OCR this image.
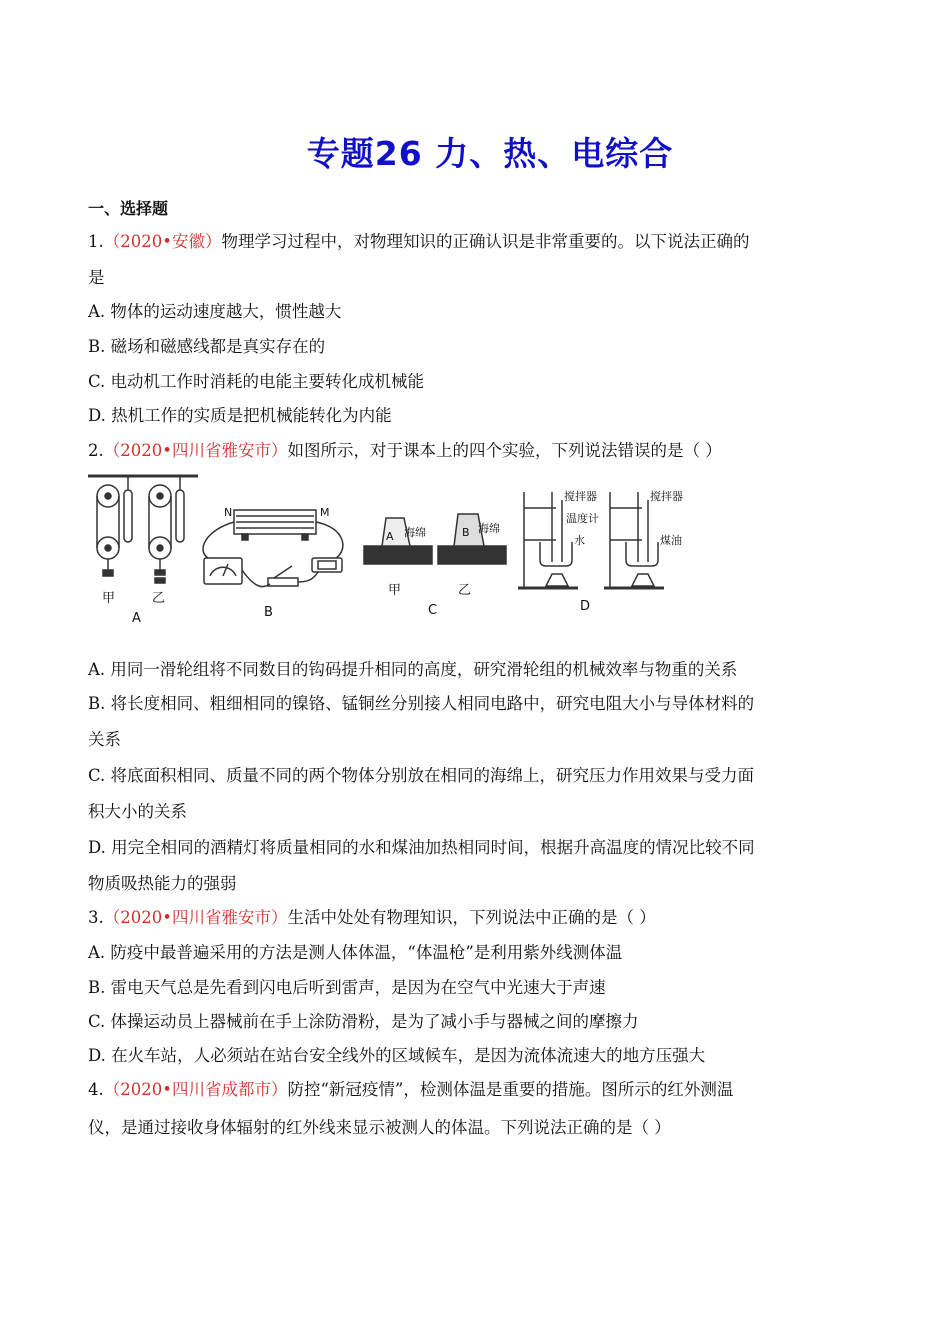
专题26 力、热、电综合
一、选择题
1.（2020•安徽）物理学习过程中，对物理知识的正确认识是非常重要的。以下说法正确的
是
A. 物体的运动速度越大，惯性越大
B. 磁场和磁感线都是真实存在的
C. 电动机工作时消耗的电能主要转化成机械能
D. 热机工作的实质是把机械能转化为内能
2.（2020•四川省雅安市）如图所示，对于课本上的四个实验，下列说法错误的是（ ）
甲	乙
A
N	M
B
A	B
海绵	海绵
甲	乙
C
搅拌器
温度计
水
搅拌器
煤油
D
A. 用同一滑轮组将不同数目的钩码提升相同的高度，研究滑轮组的机械效率与物重的关系
B. 将长度相同、粗细相同的镍铬、锰铜丝分别接人相同电路中，研究电阻大小与导体材料的
关系
C. 将底面积相同、质量不同的两个物体分别放在相同的海绵上，研究压力作用效果与受力面
积大小的关系
D. 用完全相同的酒精灯将质量相同的水和煤油加热相同时间，根据升高温度的情况比较不同
物质吸热能力的强弱
3.（2020•四川省雅安市）生活中处处有物理知识，下列说法中正确的是（ ）
A. 防疫中最普遍采用的方法是测人体体温，“体温枪”是利用紫外线测体温
B. 雷电天气总是先看到闪电后听到雷声，是因为在空气中光速大于声速
C. 体操运动员上器械前在手上涂防滑粉，是为了减小手与器械之间的摩擦力
D. 在火车站，人必须站在站台安全线外的区域候车，是因为流体流速大的地方压强大
4.（2020•四川省成都市）防控“新冠疫情”，检测体温是重要的措施。图所示的红外测温
仪，是通过接收身体辐射的红外线来显示被测人的体温。下列说法正确的是（ ）
